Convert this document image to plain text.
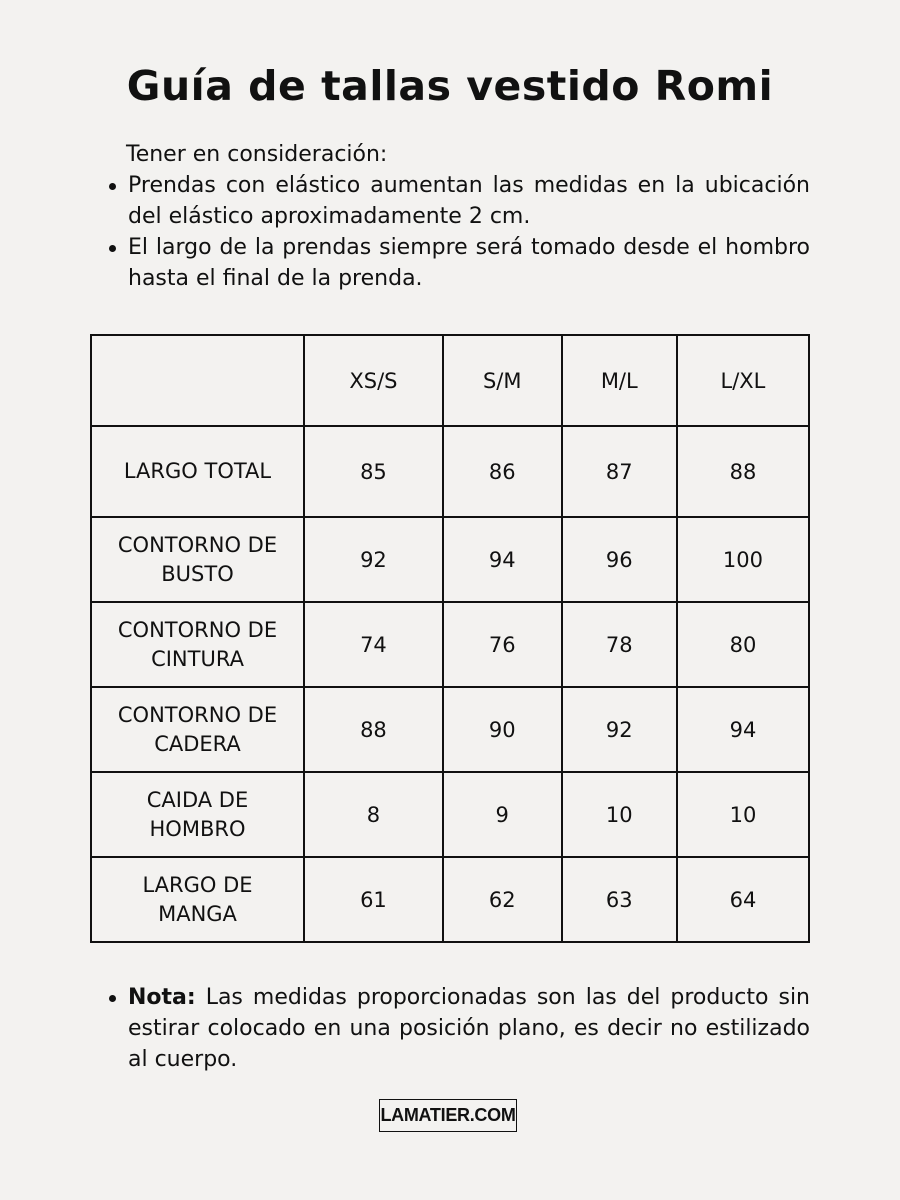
Guía de tallas vestido Romi

Tener en consideración:

Prendas con elástico aumentan las medidas en la ubicación del elástico aproximadamente 2 cm.
El largo de la prendas siempre será tomado desde el hombro hasta el final de la prenda.
	XS/S	S/M	M/L	L/XL
LARGO TOTAL	85	86	87	88
CONTORNO DE BUSTO	92	94	96	100
CONTORNO DE CINTURA	74	76	78	80
CONTORNO DE CADERA	88	90	92	94
CAIDA DE HOMBRO	8	9	10	10
LARGO DE MANGA	61	62	63	64
Nota: Las medidas proporcionadas son las del producto sin estirar colocado en una posición plano, es decir no estilizado al cuerpo.
LAMATIER.COM
